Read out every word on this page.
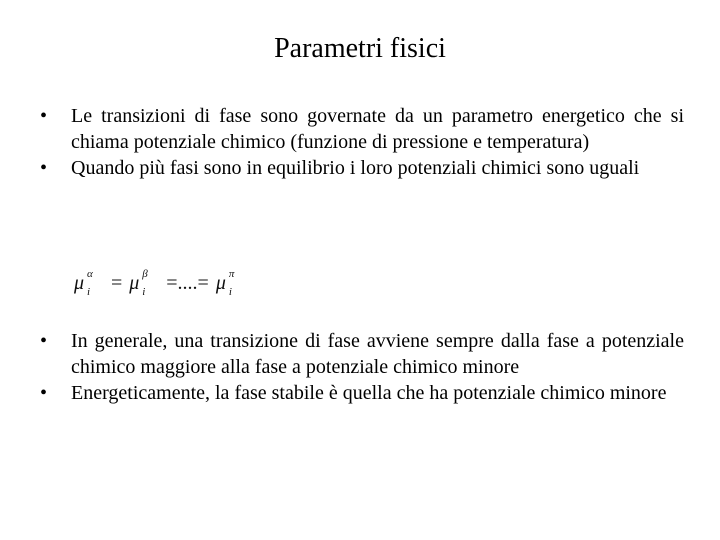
Parametri fisici
•	Le transizioni di fase sono governate da un parametro energetico che si chiama potenziale chimico (funzione di pressione e temperatura)
•	Quando più fasi sono in equilibrio i loro potenziali chimici sono uguali
μ α
i = μ β
i =....= μ π
i
•	In generale, una transizione di fase avviene sempre dalla fase a potenziale chimico maggiore alla fase a potenziale chimico minore
•	Energeticamente, la fase stabile è quella che ha potenziale chimico minore
